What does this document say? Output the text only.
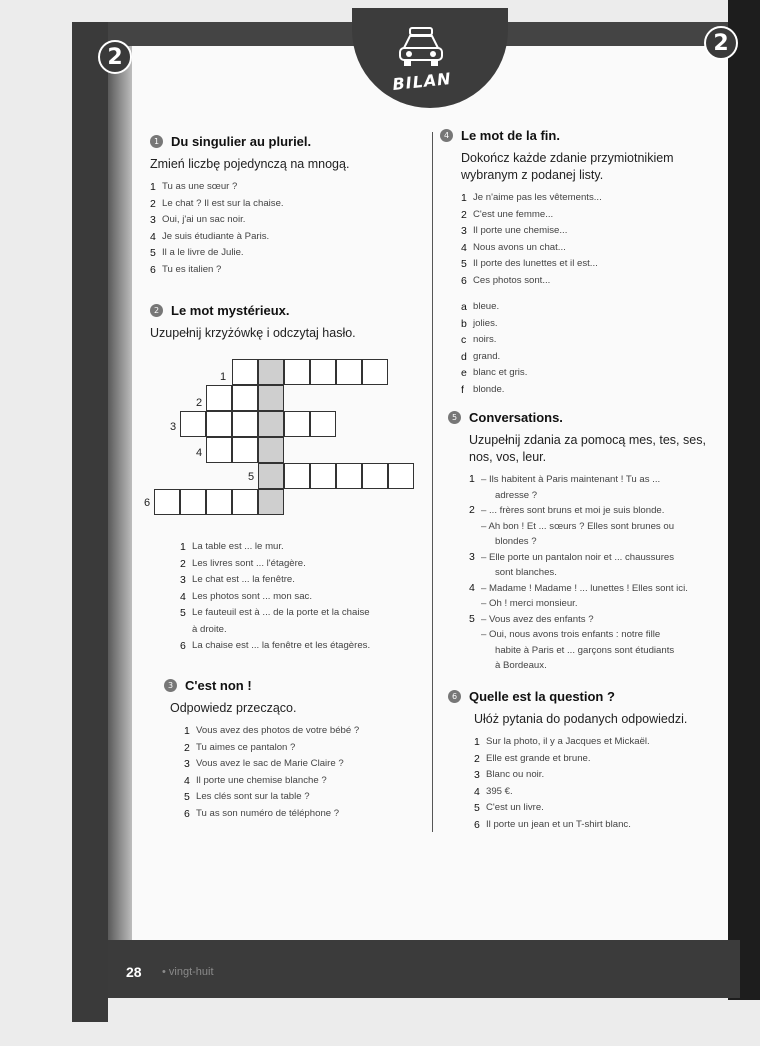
2
2
BILAN
1 Du singulier au pluriel.
Zmień liczbę pojedynczą na mnogą.
1 Tu as une sœur ?
2 Le chat ? Il est sur la chaise.
3 Oui, j'ai un sac noir.
4 Je suis étudiante à Paris.
5 Il a le livre de Julie.
6 Tu es italien ?
2 Le mot mystérieux.
Uzupełnij krzyżówkę i odczytaj hasło.
1
2
3
4
5
6
1 La table est ... le mur.
2 Les livres sont ... l'étagère.
3 Le chat est ... la fenêtre.
4 Les photos sont ... mon sac.
5 Le fauteuil est à ... de la porte et la chaise
à droite.
6 La chaise est ... la fenêtre et les étagères.
3 C'est non !
Odpowiedz przecząco.
1 Vous avez des photos de votre bébé ?
2 Tu aimes ce pantalon ?
3 Vous avez le sac de Marie Claire ?
4 Il porte une chemise blanche ?
5 Les clés sont sur la table ?
6 Tu as son numéro de téléphone ?
4 Le mot de la fin.
Dokończ każde zdanie przymiotnikiem wybranym z podanej listy.
1 Je n'aime pas les vêtements...
2 C'est une femme...
3 Il porte une chemise...
4 Nous avons un chat...
5 Il porte des lunettes et il est...
6 Ces photos sont...
a bleue.
b jolies.
c noirs.
d grand.
e blanc et gris.
f blonde.
5 Conversations.
Uzupełnij zdania za pomocą mes, tes, ses, nos, vos, leur.
1 – Ils habitent à Paris maintenant ! Tu as ...
adresse ?
2 – ... frères sont bruns et moi je suis blonde.
– Ah bon ! Et ... sœurs ? Elles sont brunes ou
blondes ?
3 – Elle porte un pantalon noir et ... chaussures
sont blanches.
4 – Madame ! Madame ! ... lunettes ! Elles sont ici.
– Oh ! merci monsieur.
5 – Vous avez des enfants ?
– Oui, nous avons trois enfants : notre fille
habite à Paris et ... garçons sont étudiants
à Bordeaux.
6 Quelle est la question ?
Ułóż pytania do podanych odpowiedzi.
1 Sur la photo, il y a Jacques et Mickaël.
2 Elle est grande et brune.
3 Blanc ou noir.
4 395 €.
5 C'est un livre.
6 Il porte un jean et un T-shirt blanc.
28 • vingt-huit
